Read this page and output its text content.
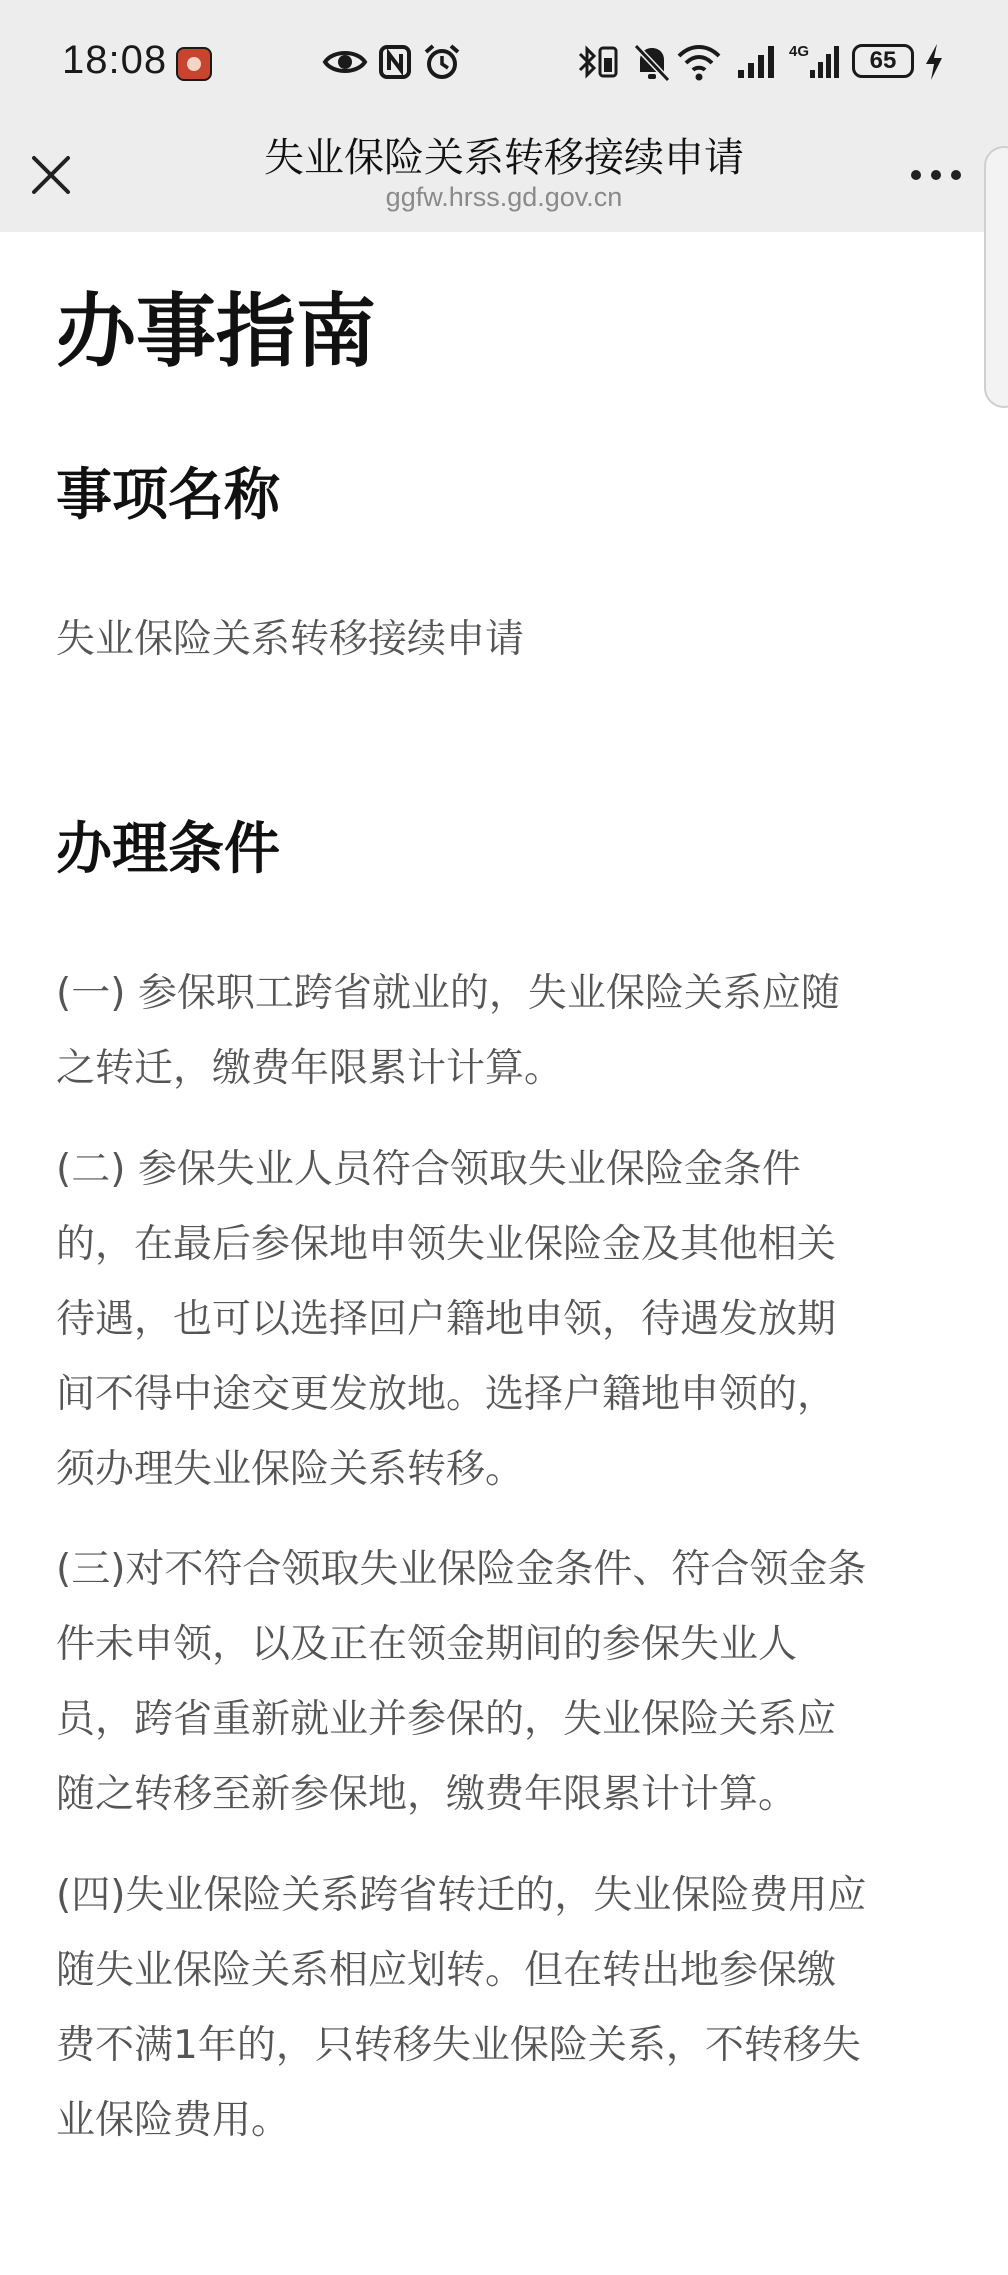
18:08	4G	65
失业保险关系转移接续申请
ggfw.hrss.gd.gov.cn
办事指南
事项名称
失业保险关系转移接续申请
办理条件
(一) 参保职工跨省就业的，失业保险关系应随
之转迁，缴费年限累计计算。
(二) 参保失业人员符合领取失业保险金条件
的，在最后参保地申领失业保险金及其他相关
待遇，也可以选择回户籍地申领，待遇发放期
间不得中途交更发放地。选择户籍地申领的，
须办理失业保险关系转移。
(三)对不符合领取失业保险金条件、符合领金条
件未申领，以及正在领金期间的参保失业人
员，跨省重新就业并参保的，失业保险关系应
随之转移至新参保地，缴费年限累计计算。
(四)失业保险关系跨省转迁的，失业保险费用应
随失业保险关系相应划转。但在转出地参保缴
费不满1年的，只转移失业保险关系，不转移失
业保险费用。
